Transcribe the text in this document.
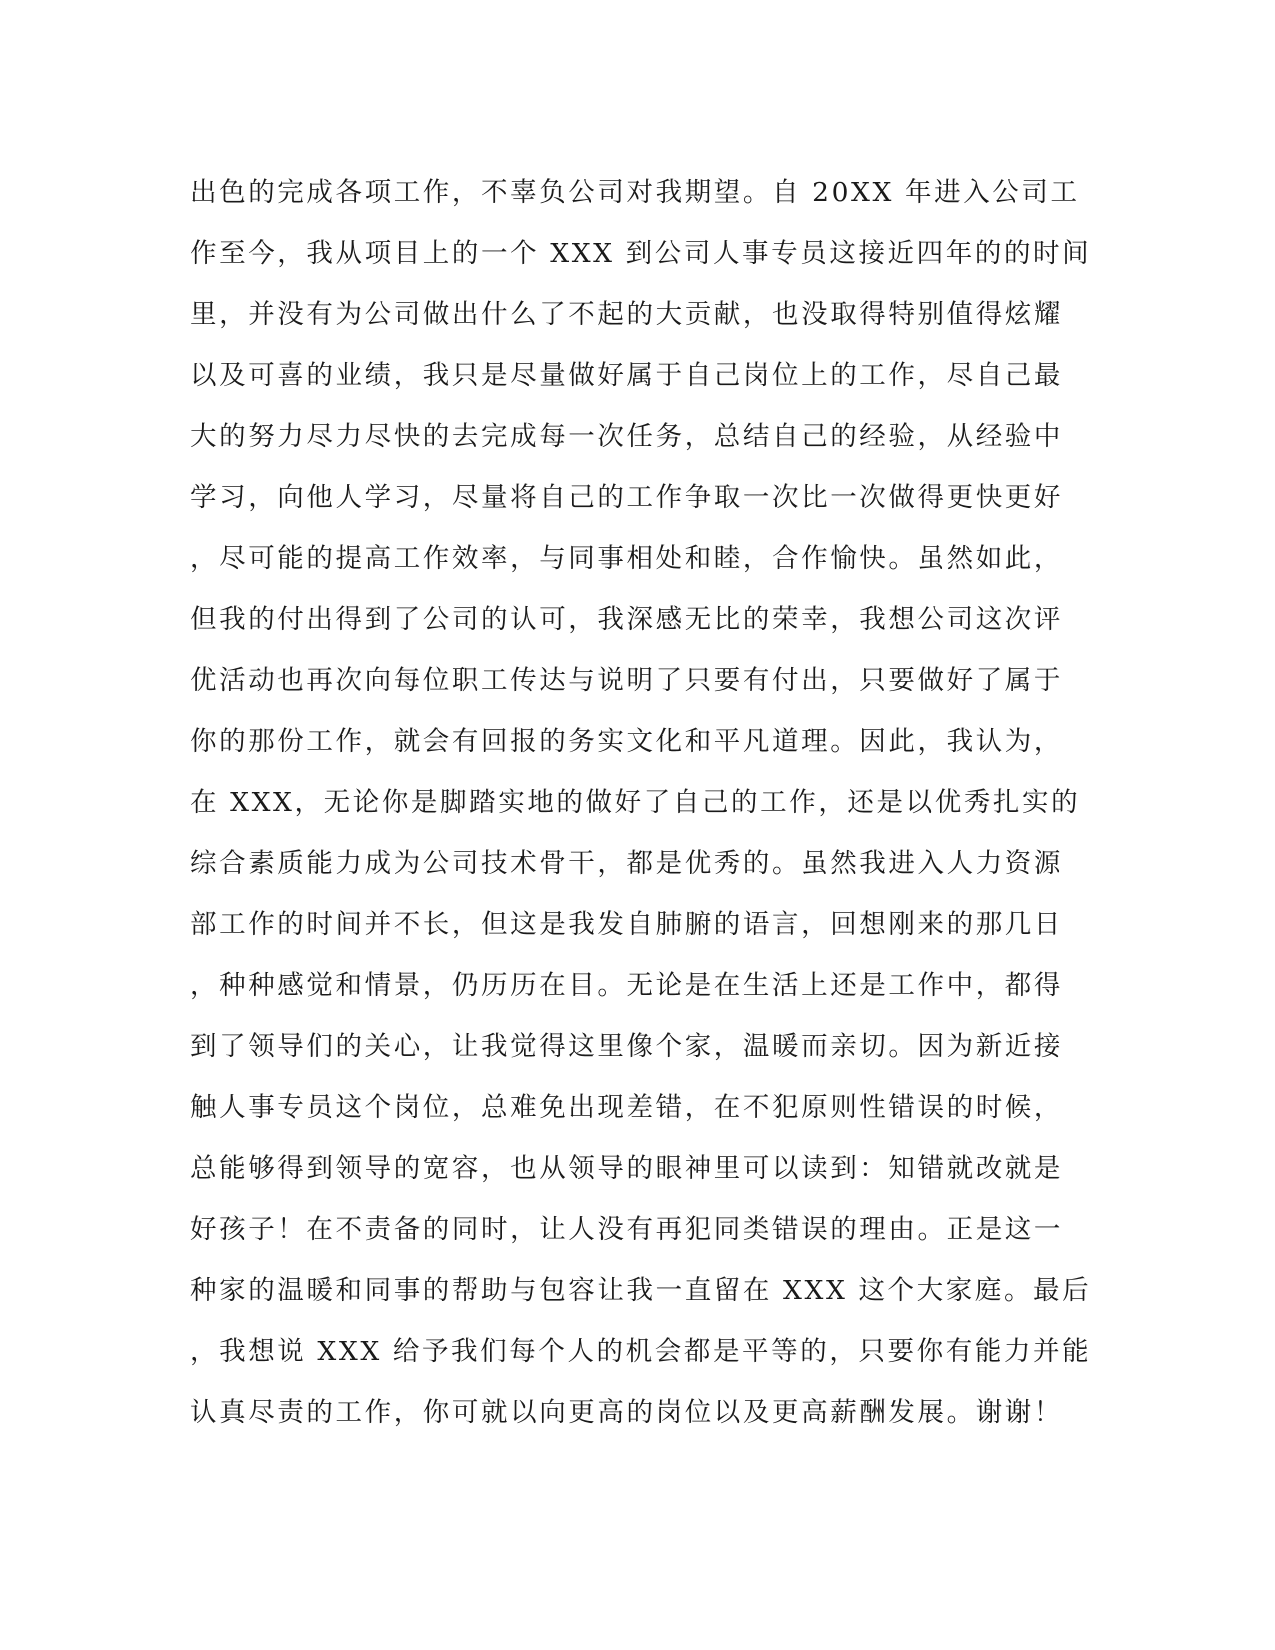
出色的完成各项工作，不辜负公司对我期望。自 20XX 年进入公司工
作至今，我从项目上的一个 XXX 到公司人事专员这接近四年的的时间
里，并没有为公司做出什么了不起的大贡献，也没取得特别值得炫耀
以及可喜的业绩，我只是尽量做好属于自己岗位上的工作，尽自己最
大的努力尽力尽快的去完成每一次任务，总结自己的经验，从经验中
学习，向他人学习，尽量将自己的工作争取一次比一次做得更快更好
，尽可能的提高工作效率，与同事相处和睦，合作愉快。虽然如此，
但我的付出得到了公司的认可，我深感无比的荣幸，我想公司这次评
优活动也再次向每位职工传达与说明了只要有付出，只要做好了属于
你的那份工作，就会有回报的务实文化和平凡道理。因此，我认为，
在 XXX，无论你是脚踏实地的做好了自己的工作，还是以优秀扎实的
综合素质能力成为公司技术骨干，都是优秀的。虽然我进入人力资源
部工作的时间并不长，但这是我发自肺腑的语言，回想刚来的那几日
，种种感觉和情景，仍历历在目。无论是在生活上还是工作中，都得
到了领导们的关心，让我觉得这里像个家，温暖而亲切。因为新近接
触人事专员这个岗位，总难免出现差错，在不犯原则性错误的时候，
总能够得到领导的宽容，也从领导的眼神里可以读到：知错就改就是
好孩子！在不责备的同时，让人没有再犯同类错误的理由。正是这一
种家的温暖和同事的帮助与包容让我一直留在 XXX 这个大家庭。最后
，我想说 XXX 给予我们每个人的机会都是平等的，只要你有能力并能
认真尽责的工作，你可就以向更高的岗位以及更高薪酬发展。谢谢！
